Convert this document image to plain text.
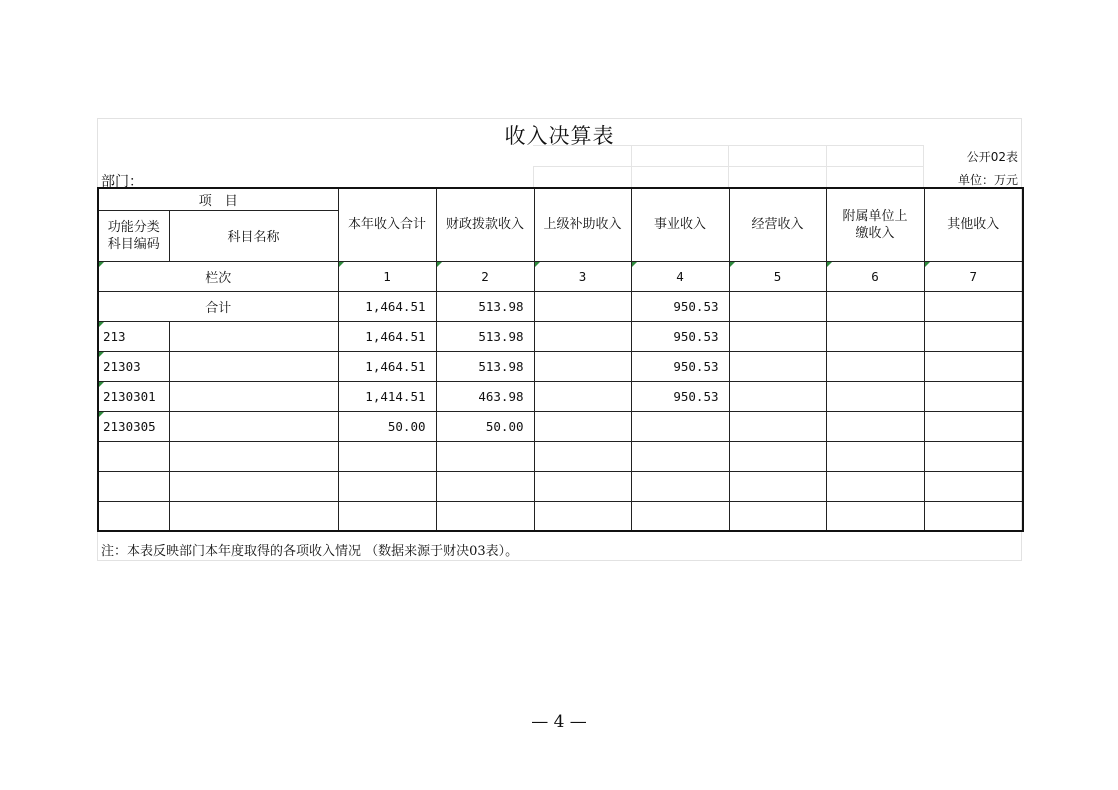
收入决算表
公开02表
单位：万元
部门：
项　目		本年收入合计	财政拨款收入	上级补助收入	事业收入	经营收入	附属单位上缴收入	其他收入
功能分类科目编码	科目名称							
栏次		1	2	3	4	5	6	7

合计		1,464.51	513.98		950.53			
213		1,464.51	513.98		950.53			
21303		1,464.51	513.98		950.53			
2130301		1,414.51	463.98		950.53			
2130305		50.00	50.00					

注：本表反映部门本年度取得的各项收入情况 （数据来源于财决03表）。
— 4 —
